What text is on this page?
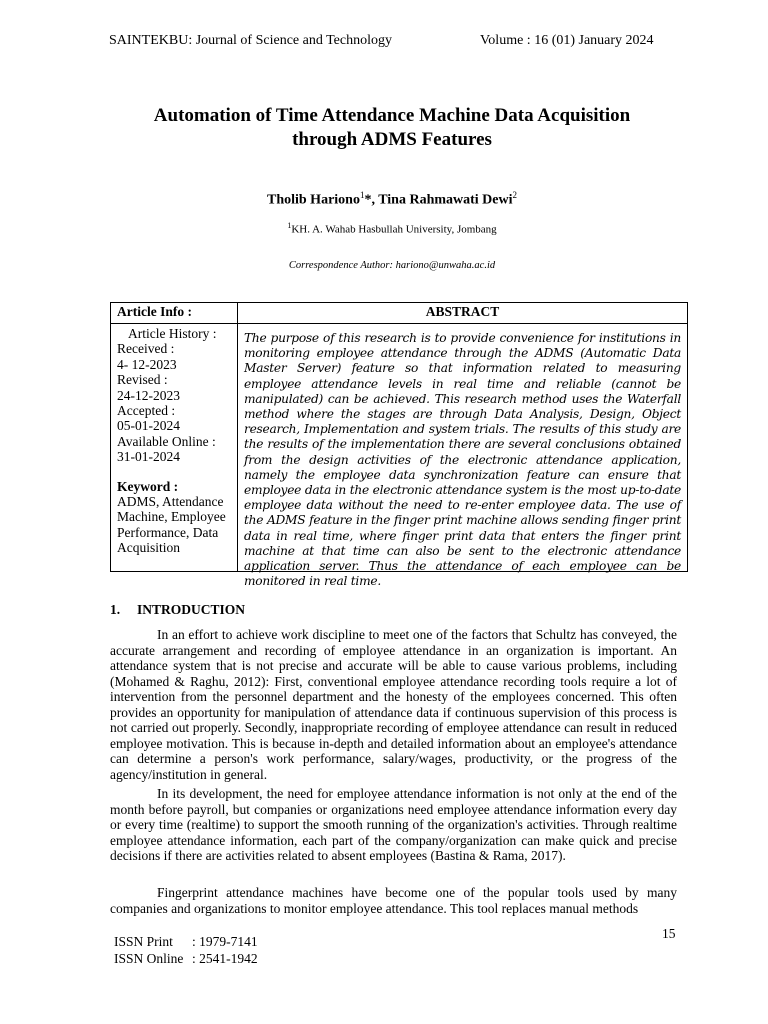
SAINTEKBU: Journal of Science and Technology	Volume : 16 (01) January 2024
Automation of Time Attendance Machine Data Acquisition
through ADMS Features
Tholib Hariono$^1$*, Tina Rahmawati Dewi$^2$
$^1$KH. A. Wahab Hasbullah University, Jombang
Correspondence Author: hariono@unwaha.ac.id
Article Info :	ABSTRACT
Article History :
Received :
4- 12-2023
Revised :
24-12-2023
Accepted :
05-01-2024
Available Online :
31-01-2024
Keyword :
ADMS, Attendance Machine, Employee Performance, Data Acquisition
The purpose of this research is to provide convenience for institutions in monitoring employee attendance through the ADMS (Automatic Data Master Server) feature so that information related to measuring employee attendance levels in real time and reliable (cannot be manipulated) can be achieved. This research method uses the Waterfall method where the stages are through Data Analysis, Design, Object research, Implementation and system trials. The results of this study are the results of the implementation there are several conclusions obtained from the design activities of the electronic attendance application, namely the employee data synchronization feature can ensure that employee data in the electronic attendance system is the most up-to-date employee data without the need to re-enter employee data. The use of the ADMS feature in the finger print machine allows sending finger print data in real time, where finger print data that enters the finger print machine at that time can also be sent to the electronic attendance application server. Thus the attendance of each employee can be monitored in real time.
1. INTRODUCTION
In an effort to achieve work discipline to meet one of the factors that Schultz has conveyed, the accurate arrangement and recording of employee attendance in an organization is important. An attendance system that is not precise and accurate will be able to cause various problems, including (Mohamed & Raghu, 2012): First, conventional employee attendance recording tools require a lot of intervention from the personnel department and the honesty of the employees concerned. This often provides an opportunity for manipulation of attendance data if continuous supervision of this process is not carried out properly. Secondly, inappropriate recording of employee attendance can result in reduced employee motivation. This is because in-depth and detailed information about an employee's attendance can determine a person's work performance, salary/wages, productivity, or the progress of the agency/institution in general.
In its development, the need for employee attendance information is not only at the end of the month before payroll, but companies or organizations need employee attendance information every day or every time (realtime) to support the smooth running of the organization's activities. Through realtime employee attendance information, each part of the company/organization can make quick and precise decisions if there are activities related to absent employees (Bastina & Rama, 2017).
Fingerprint attendance machines have become one of the popular tools used by many companies and organizations to monitor employee attendance. This tool replaces manual methods
15
ISSN Print : 1979-7141
ISSN Online : 2541-1942
